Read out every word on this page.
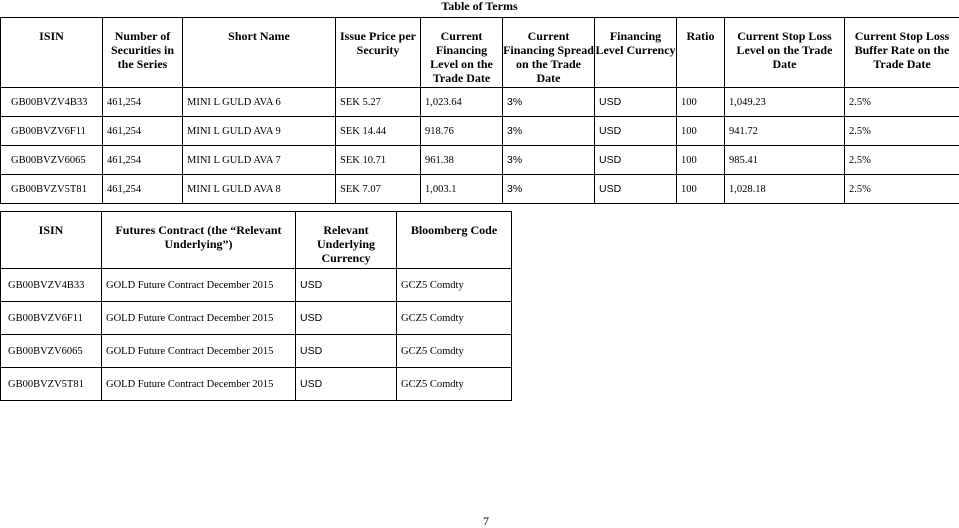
Table of Terms
ISIN	Number of Securities in the Series	Short Name	Issue Price per Security	Current Financing Level on the Trade Date	Current Financing Spread on the Trade Date	Financing Level Currency	Ratio	Current Stop Loss Level on the Trade Date	Current Stop Loss Buffer Rate on the Trade Date
GB00BVZV4B33	461,254	MINI L GULD AVA 6	SEK 5.27	1,023.64	3%	USD	100	1,049.23	2.5%
GB00BVZV6F11	461,254	MINI L GULD AVA 9	SEK 14.44	918.76	3%	USD	100	941.72	2.5%
GB00BVZV6065	461,254	MINI L GULD AVA 7	SEK 10.71	961.38	3%	USD	100	985.41	2.5%
GB00BVZV5T81	461,254	MINI L GULD AVA 8	SEK 7.07	1,003.1	3%	USD	100	1,028.18	2.5%
ISIN	Futures Contract (the “Relevant Underlying”)	Relevant Underlying Currency	Bloomberg Code
GB00BVZV4B33	GOLD Future Contract December 2015	USD	GCZ5 Comdty
GB00BVZV6F11	GOLD Future Contract December 2015	USD	GCZ5 Comdty
GB00BVZV6065	GOLD Future Contract December 2015	USD	GCZ5 Comdty
GB00BVZV5T81	GOLD Future Contract December 2015	USD	GCZ5 Comdty
7
